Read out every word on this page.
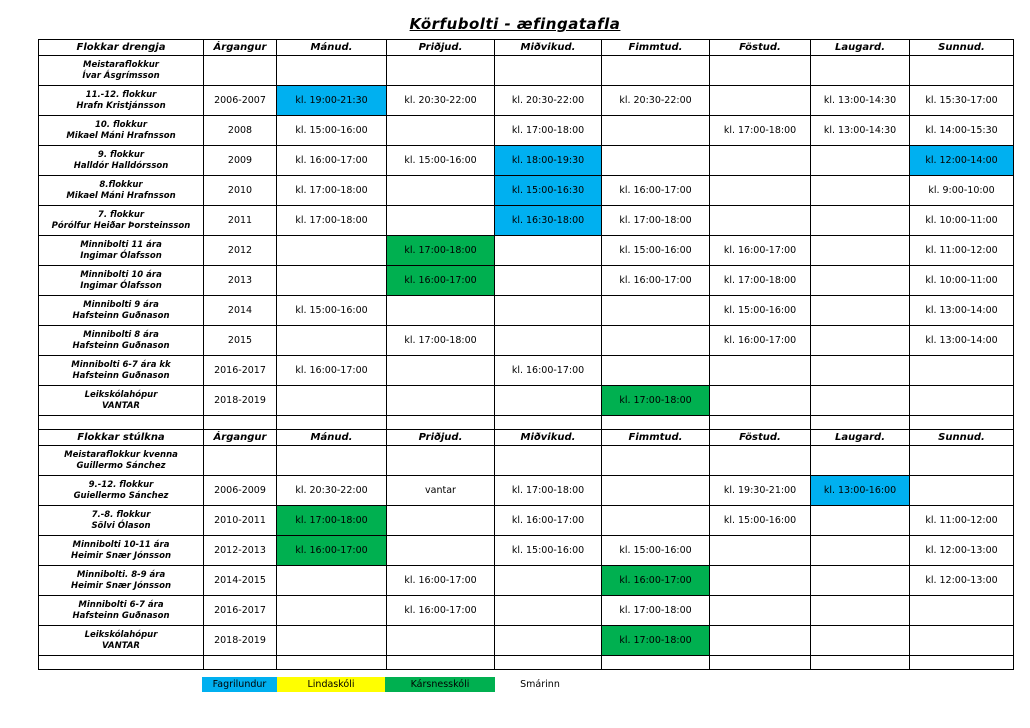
Körfubolti - æfingatafla
Flokkar drengja	Árgangur	Mánud.	Priðjud.	Miðvikud.	Fimmtud.	Föstud.	Laugard.	Sunnud.

Meistaraflokkur
Ívar Ásgrímsson								

11.-12. flokkur
Hrafn Kristjánsson	2006-2007	kl. 19:00-21:30	kl. 20:30-22:00	kl. 20:30-22:00	kl. 20:30-22:00		kl. 13:00-14:30	kl. 15:30-17:00

10. flokkur
Mikael Máni Hrafnsson	2008	kl. 15:00-16:00		kl. 17:00-18:00		kl. 17:00-18:00	kl. 13:00-14:30	kl. 14:00-15:30

9. flokkur
Halldór Halldórsson	2009	kl. 16:00-17:00	kl. 15:00-16:00	kl. 18:00-19:30				kl. 12:00-14:00

8.flokkur
Mikael Máni Hrafnsson	2010	kl. 17:00-18:00		kl. 15:00-16:30	kl. 16:00-17:00			kl. 9:00-10:00

7. flokkur
Pórólfur Heiðar Þorsteinsson	2011	kl. 17:00-18:00		kl. 16:30-18:00	kl. 17:00-18:00			kl. 10:00-11:00

Minnibolti 11 ára
Ingimar Ólafsson	2012		kl. 17:00-18:00		kl. 15:00-16:00	kl. 16:00-17:00		kl. 11:00-12:00

Minnibolti 10 ára
Ingimar Ólafsson	2013		kl. 16:00-17:00		kl. 16:00-17:00	kl. 17:00-18:00		kl. 10:00-11:00

Minnibolti 9 ára
Hafsteinn Guðnason	2014	kl. 15:00-16:00				kl. 15:00-16:00		kl. 13:00-14:00

Minnibolti 8 ára
Hafsteinn Guðnason	2015		kl. 17:00-18:00			kl. 16:00-17:00		kl. 13:00-14:00

Minnibolti 6-7 ára kk
Hafsteinn Guðnason	2016-2017	kl. 16:00-17:00		kl. 16:00-17:00				

Leikskólahópur
VANTAR	2018-2019				kl. 17:00-18:00			

Flokkar stúlkna	Árgangur	Mánud.	Priðjud.	Miðvikud.	Fimmtud.	Föstud.	Laugard.	Sunnud.

Meistaraflokkur kvenna
Guillermo Sánchez								

9.-12. flokkur
Guiellermo Sánchez	2006-2009	kl. 20:30-22:00	vantar	kl. 17:00-18:00		kl. 19:30-21:00	kl. 13:00-16:00	

7.-8. flokkur
Sölvi Ólason	2010-2011	kl. 17:00-18:00		kl. 16:00-17:00		kl. 15:00-16:00		kl. 11:00-12:00

Minnibolti 10-11 ára
Heimir Snær Jónsson	2012-2013	kl. 16:00-17:00		kl. 15:00-16:00	kl. 15:00-16:00			kl. 12:00-13:00

Minnibolti. 8-9 ára
Heimir Snær Jónsson	2014-2015		kl. 16:00-17:00		kl. 16:00-17:00			kl. 12:00-13:00

Minnibolti 6-7 ára
Hafsteinn Guðnason	2016-2017		kl. 16:00-17:00		kl. 17:00-18:00			

Leikskólahópur
VANTAR	2018-2019				kl. 17:00-18:00			

Fagrilundur	Lindaskóli	Kársnesskóli	Smárinn
